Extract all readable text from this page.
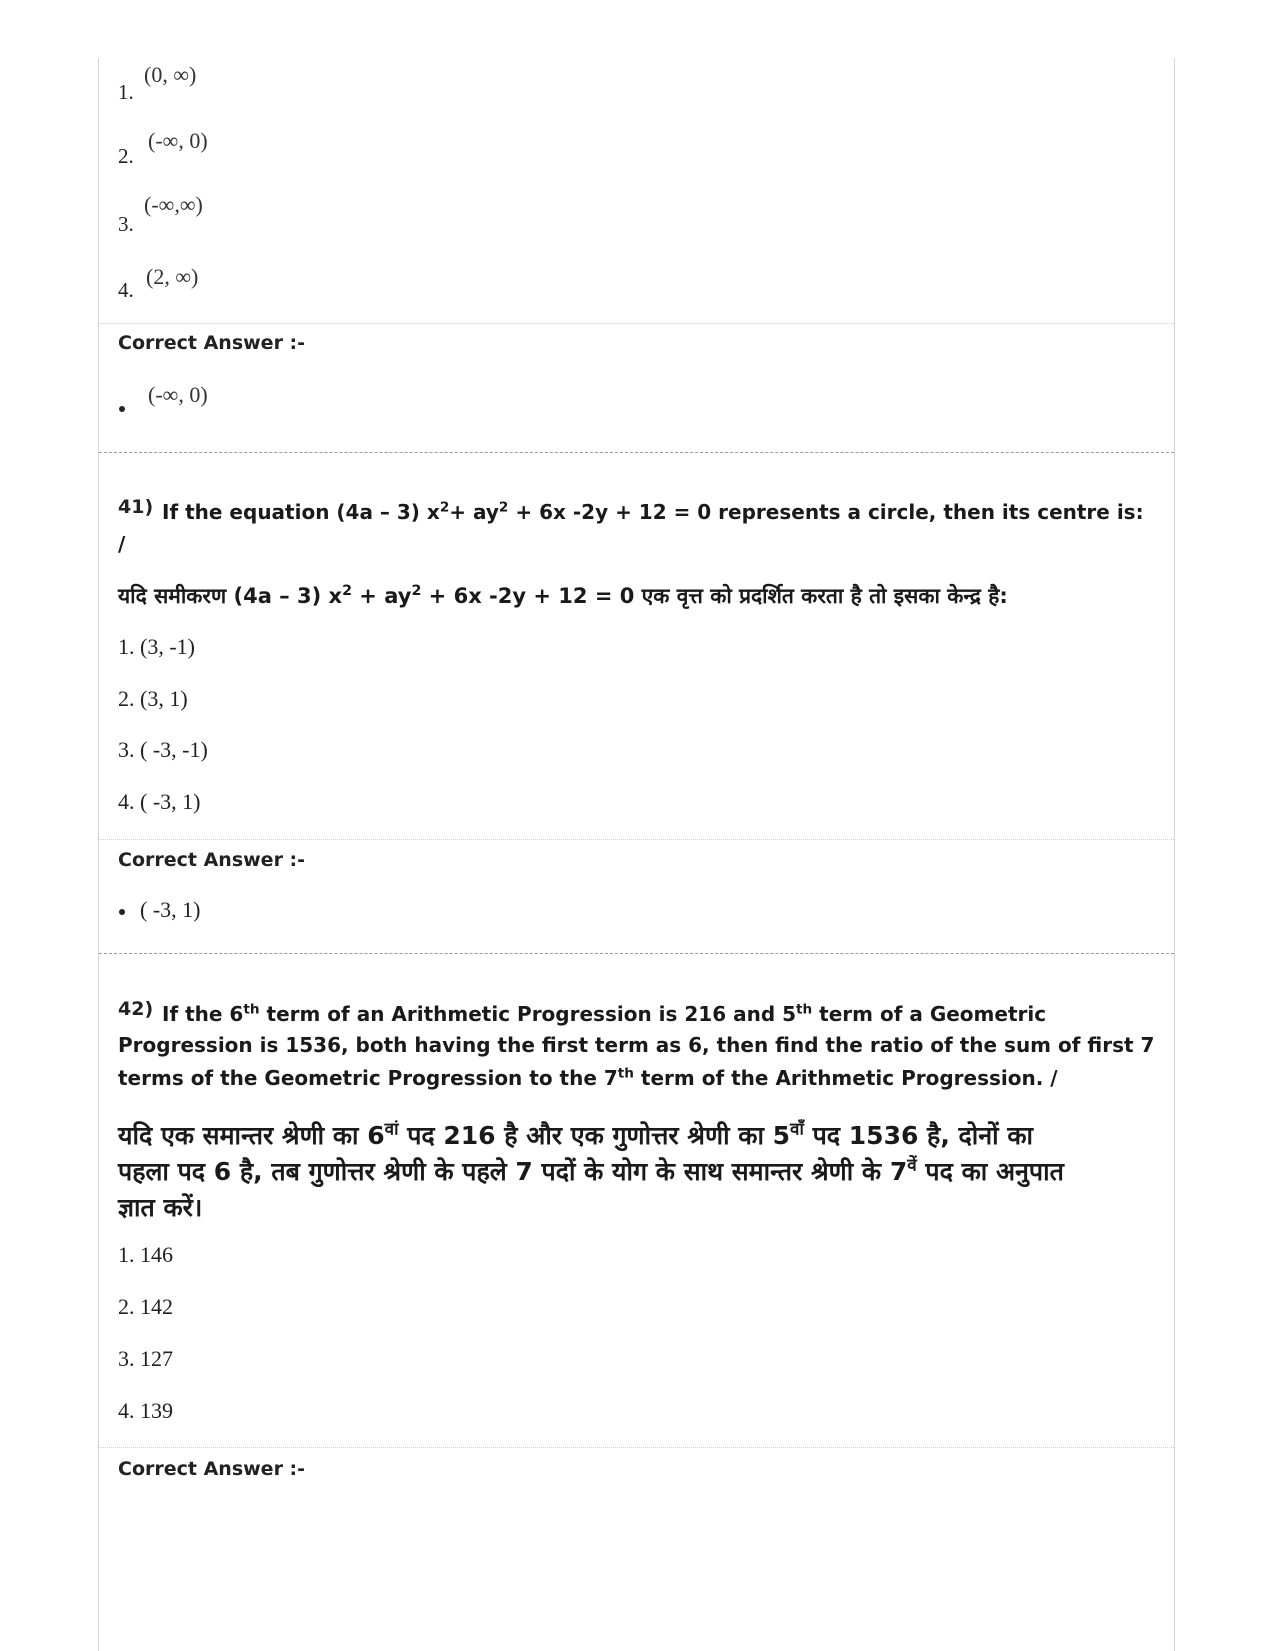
1.
(0, ∞)
2.
(-∞, 0)
3.
(-∞,∞)
4.
(2, ∞)
Correct Answer :-
(-∞, 0)
41) If the equation (4a – 3) $x^2+ ay^2 + 6x$ -2y + 12 = 0 represents a circle, then its centre is:
/
यदि समीकरण (4a – 3) $x^2 + ay^2 + 6x$ -2y + 12 = 0 एक वृत्त को प्रदर्शित करता है तो इसका केन्द्र है:
1. (3, -1)
2. (3, 1)
3. ( -3, -1)
4. ( -3, 1)
Correct Answer :-
( -3, 1)
42) If the 6th term of an Arithmetic Progression is 216 and 5th term of a Geometric
Progression is 1536, both having the first term as 6, then find the ratio of the sum of first 7
terms of the Geometric Progression to the 7th term of the Arithmetic Progression. /
यदि एक समान्तर श्रेणी का $6^{वां}$ पद 216 है और एक गुणोत्तर श्रेणी का $5^{वाँ}$ पद 1536 है, दोनों का
पहला पद 6 है, तब गुणोत्तर श्रेणी के पहले 7 पदों के योग के साथ समान्तर श्रेणी के $7^{वें}$ पद का अनुपात
ज्ञात करें।
1. 146
2. 142
3. 127
4. 139
Correct Answer :-
